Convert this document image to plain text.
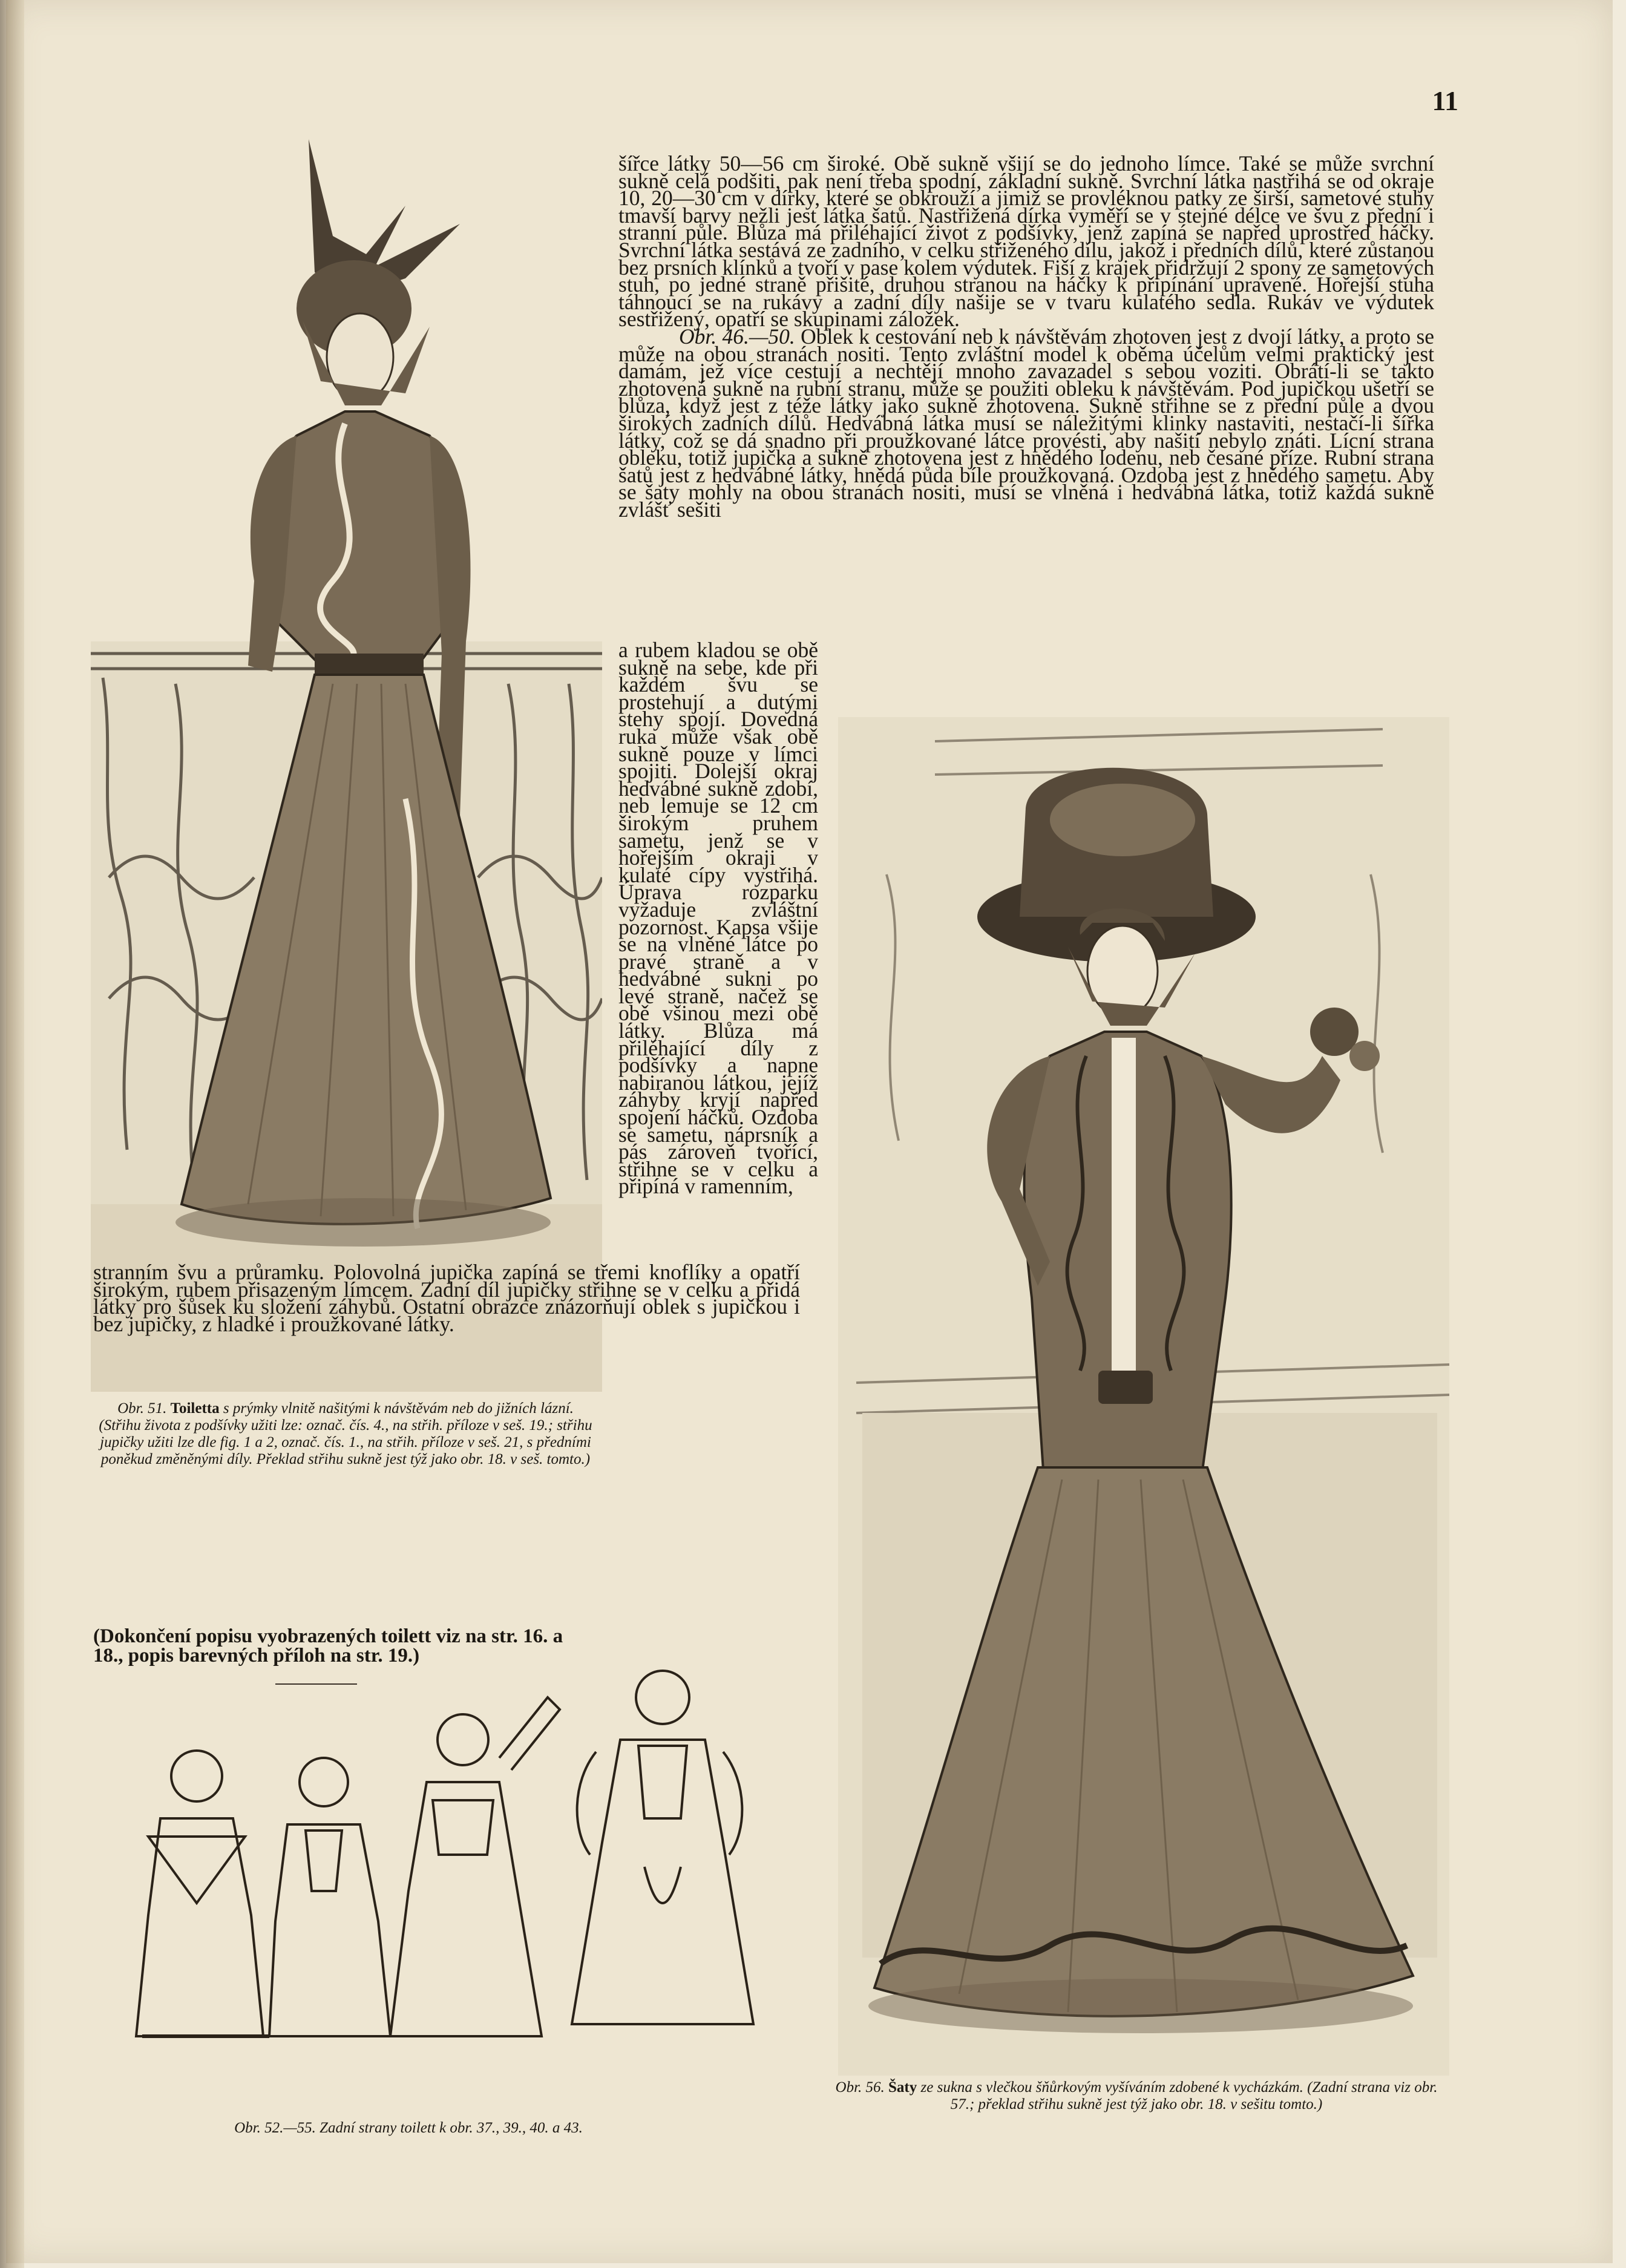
11
Obr. 51. Toiletta s prýmky vlnitě našitými k návštěvám neb do jižních lázní. (Střihu života z podšívky užiti lze: označ. čís. 4., na střih. příloze v seš. 19.; střihu jupičky užiti lze dle fig. 1 a 2, označ. čís. 1., na střih. příloze v seš. 21, s předními poněkud změněnými díly. Překlad střihu sukně jest týž jako obr. 18. v seš. tomto.)

šířce látky 50—56 cm široké. Obě sukně všijí se do jednoho límce. Také se může svrchní sukně celá podšiti, pak není třeba spodní, základní sukně. Svrchní látka nastřihá se od okraje 10, 20—30 cm v dírky, které se obkrouží a jimiž se provléknou patky ze širší, sametové stuhy tmavší barvy nežli jest látka šatů. Nastřižená dírka vyměří se v stejné délce ve švu z přední i stranní půle. Blůza má přiléhající život z podšívky, jenž zapíná se napřed uprostřed háčky. Svrchní látka sestává ze zadního, v celku střiženého dílu, jakož i předních dílů, které zůstanou bez prsních klínků a tvoří v pase kolem výdutek. Fiší z krajek přidržují 2 spony ze sametových stuh, po jedné straně přišité, druhou stranou na háčky k připínání upravené. Hořejší stuha táhnoucí se na rukávy a zadní díly našije se v tvaru kulatého sedla. Rukáv ve výdutek sestřižený, opatří se skupinami záložek.

Obr. 46.—50. Oblek k cestování neb k návštěvám zhotoven jest z dvojí látky, a proto se může na obou stranách nositi. Tento zvláštní model k oběma účelům velmi praktický jest damám, jež více cestují a nechtějí mnoho zavazadel s sebou voziti. Obrátí-li se takto zhotovená sukně na rubní stranu, může se použiti obleku k návštěvám. Pod jupičkou ušetří se blůza, když jest z téže látky jako sukně zhotovena. Sukně střihne se z přední půle a dvou širokých zadních dílů. Hedvábná látka musí se náležitými klinky nastaviti, nestačí-li šířka látky, což se dá snadno při proužkované látce provésti, aby našití nebylo znáti. Lícní strana obleku, totiž jupička a sukně zhotovena jest z hnědého lodenu, neb česané příze. Rubní strana šatů jest z hedvábné látky, hnědá půda bíle proužkovaná. Ozdoba jest z hnědého sametu. Aby se šaty mohly na obou stranách nositi, musí se vlněná i hedvábná látka, totiž každá sukně zvlášť sešiti

a rubem kladou se obě sukně na sebe, kde při každém švu se prostehují a dutými stehy spojí. Dovedná ruka může však obě sukně pouze v límci spojiti. Dolejší okraj hedvábné sukně zdobí, neb lemuje se 12 cm širokým pruhem sametu, jenž se v hořejším okraji v kulaté cípy vystřihá. Úprava rozparku vyžaduje zvláštní pozornost. Kapsa všije se na vlněné látce po pravé straně a v hedvábné sukni po levé straně, načež se obě všinou mezi obě látky. Blůza má přiléhající díly z podšívky a napne nabiranou látkou, jejíž záhyby kryjí napřed spojení háčků. Ozdoba se sametu, náprsník a pás zároveň tvořící, střihne se v celku a připíná v ramenním,

Obr. 56. Šaty ze sukna s vlečkou šňůrkovým vyšíváním zdobené k vycházkám. (Zadní strana viz obr. 57.; překlad střihu sukně jest týž jako obr. 18. v sešitu tomto.)

stranním švu a průramku. Polovolná jupička zapíná se třemi knoflíky a opatří širokým, rubem přisazeným límcem. Zadní díl jupičky střihne se v celku a přidá látky pro šůsek ku složení záhybů. Ostatní obrazce znázorňují oblek s jupičkou i bez jupičky, z hladké i proužkované látky.

(Dokončení popisu vyobrazených toilett viz na str. 16. a 18., popis barevných příloh na str. 19.)
Obr. 52.—55. Zadní strany toilett k obr. 37., 39., 40. a 43.
